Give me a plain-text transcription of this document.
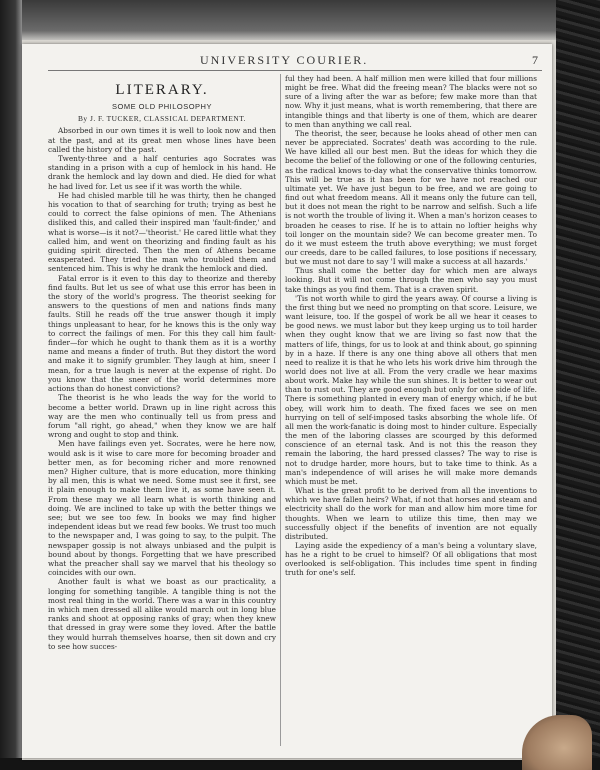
UNIVERSITY COURIER.	7
LITERARY.
SOME OLD PHILOSOPHY
By J. F. TUCKER, CLASSICAL DEPARTMENT.

Absorbed in our own times it is well to look now and then at the past, and at its great men whose lines have been called the history of the past.

Twenty-three and a half centuries ago Socrates was standing in a prison with a cup of hemlock in his hand. He drank the hemlock and lay down and died. He died for what he had lived for. Let us see if it was worth the while.

He had chisled marble till he was thirty, then he changed his vocation to that of searching for truth; trying as best he could to correct the false opinions of men. The Athenians disliked this, and called their inspired man 'fault-finder,' and what is worse—is it not?—'theorist.' He cared little what they called him, and went on theorizing and finding fault as his guiding spirit directed. Then the men of Athens became exasperated. They tried the man who troubled them and sentenced him. This is why he drank the hemlock and died.

Fatal error is it even to this day to theorize and thereby find faults. But let us see of what use this error has been in the story of the world's progress. The theorist seeking for answers to the questions of men and nations finds many faults. Still he reads off the true answer though it imply things unpleasant to hear, for he knows this is the only way to correct the failings of men. For this they call him fault-finder—for which he ought to thank them as it is a worthy name and means a finder of truth. But they distort the word and make it to signify grumbler. They laugh at him, sneer I mean, for a true laugh is never at the expense of right. Do you know that the sneer of the world determines more actions than do honest convictions?

The theorist is he who leads the way for the world to become a better world. Drawn up in line right across this way are the men who continually tell us from press and forum "all right, go ahead," when they know we are half wrong and ought to stop and think.

Men have failings even yet. Socrates, were he here now, would ask is it wise to care more for becoming broader and better men, as for becoming richer and more renowned men? Higher culture, that is more education, more thinking by all men, this is what we need. Some must see it first, see it plain enough to make them live it, as some have seen it. From these may we all learn what is worth thinking and doing. We are inclined to take up with the better things we see; but we see too few. In books we may find higher independent ideas but we read few books. We trust too much to the newspaper and, I was going to say, to the pulpit. The newspaper gossip is not always unbiased and the pulpit is bound about by thongs. Forgetting that we have prescribed what the preacher shall say we marvel that his theology so coincides with our own.

Another fault is what we boast as our practicality, a longing for something tangible. A tangible thing is not the most real thing in the world. There was a war in this country in which men dressed all alike would march out in long blue ranks and shoot at opposing ranks of gray; when they knew that dressed in gray were some they loved. After the battle they would hurrah themselves hoarse, then sit down and cry to see how succes-

ful they had been. A half million men were killed that four millions might be free. What did the freeing mean? The blacks were not so sure of a living after the war as before; few make more than that now. Why it just means, what is worth remembering, that there are intangible things and that liberty is one of them, which are dearer to men than anything we call real.

The theorist, the seer, because he looks ahead of other men can never be appreciated. Socrates' death was according to the rule. We have killed all our best men. But the ideas for which they die become the belief of the following or one of the following centuries, as the radical knows to-day what the conservative thinks tomorrow. This will be true as it has been for we have not reached our ultimate yet. We have just begun to be free, and we are going to find out what freedom means. All it means only the future can tell, but it does not mean the right to be narrow and selfish. Such a life is not worth the trouble of living it. When a man's horizon ceases to broaden he ceases to rise. If he is to attain no loftier heighs why toil longer on the mountain side? We can become greater men. To do it we must esteem the truth above everything; we must forget our creeds, dare to be called failures, to lose positions if necessary, but we must not dare to say 'I will make a success at all hazards.'

Thus shall come the better day for which men are always looking. But it will not come through the men who say you must take things as you find them. That is a craven spirit.

'Tis not worth while to gird the years away. Of course a living is the first thing but we need no prompting on that score. Leisure, we want leisure, too. If the gospel of work be all we hear it ceases to be good news. we must labor but they keep urging us to toil harder when they ought know that we are living so fast now that the matters of life, things, for us to look at and think about, go spinning by in a haze. If there is any one thing above all others that men need to realize it is that he who lets his work drive him through the world does not live at all. From the very cradle we hear maxims about work. Make hay while the sun shines. It is better to wear out than to rust out. They are good enough but only for one side of life. There is something planted in every man of energy which, if he but obey, will work him to death. The fixed faces we see on men hurrying on tell of self-imposed tasks absorbing the whole life. Of all men the work-fanatic is doing most to hinder culture. Especially the men of the laboring classes are scourged by this deformed conscience of an eternal task. And is not this the reason they remain the laboring, the hard pressed classes? The way to rise is not to drudge harder, more hours, but to take time to think. As a man's independence of will arises he will make more demands which must be met.

What is the great profit to be derived from all the inventions to which we have fallen heirs? What, if not that horses and steam and electricity shall do the work for man and allow him more time for thoughts. When we learn to utilize this time, then may we successfully object if the benefits of invention are not equally distributed.

Laying aside the expediency of a man's being a voluntary slave, has he a right to be cruel to himself? Of all obligations that most overlooked is self-obligation. This includes time spent in finding truth for one's self.
